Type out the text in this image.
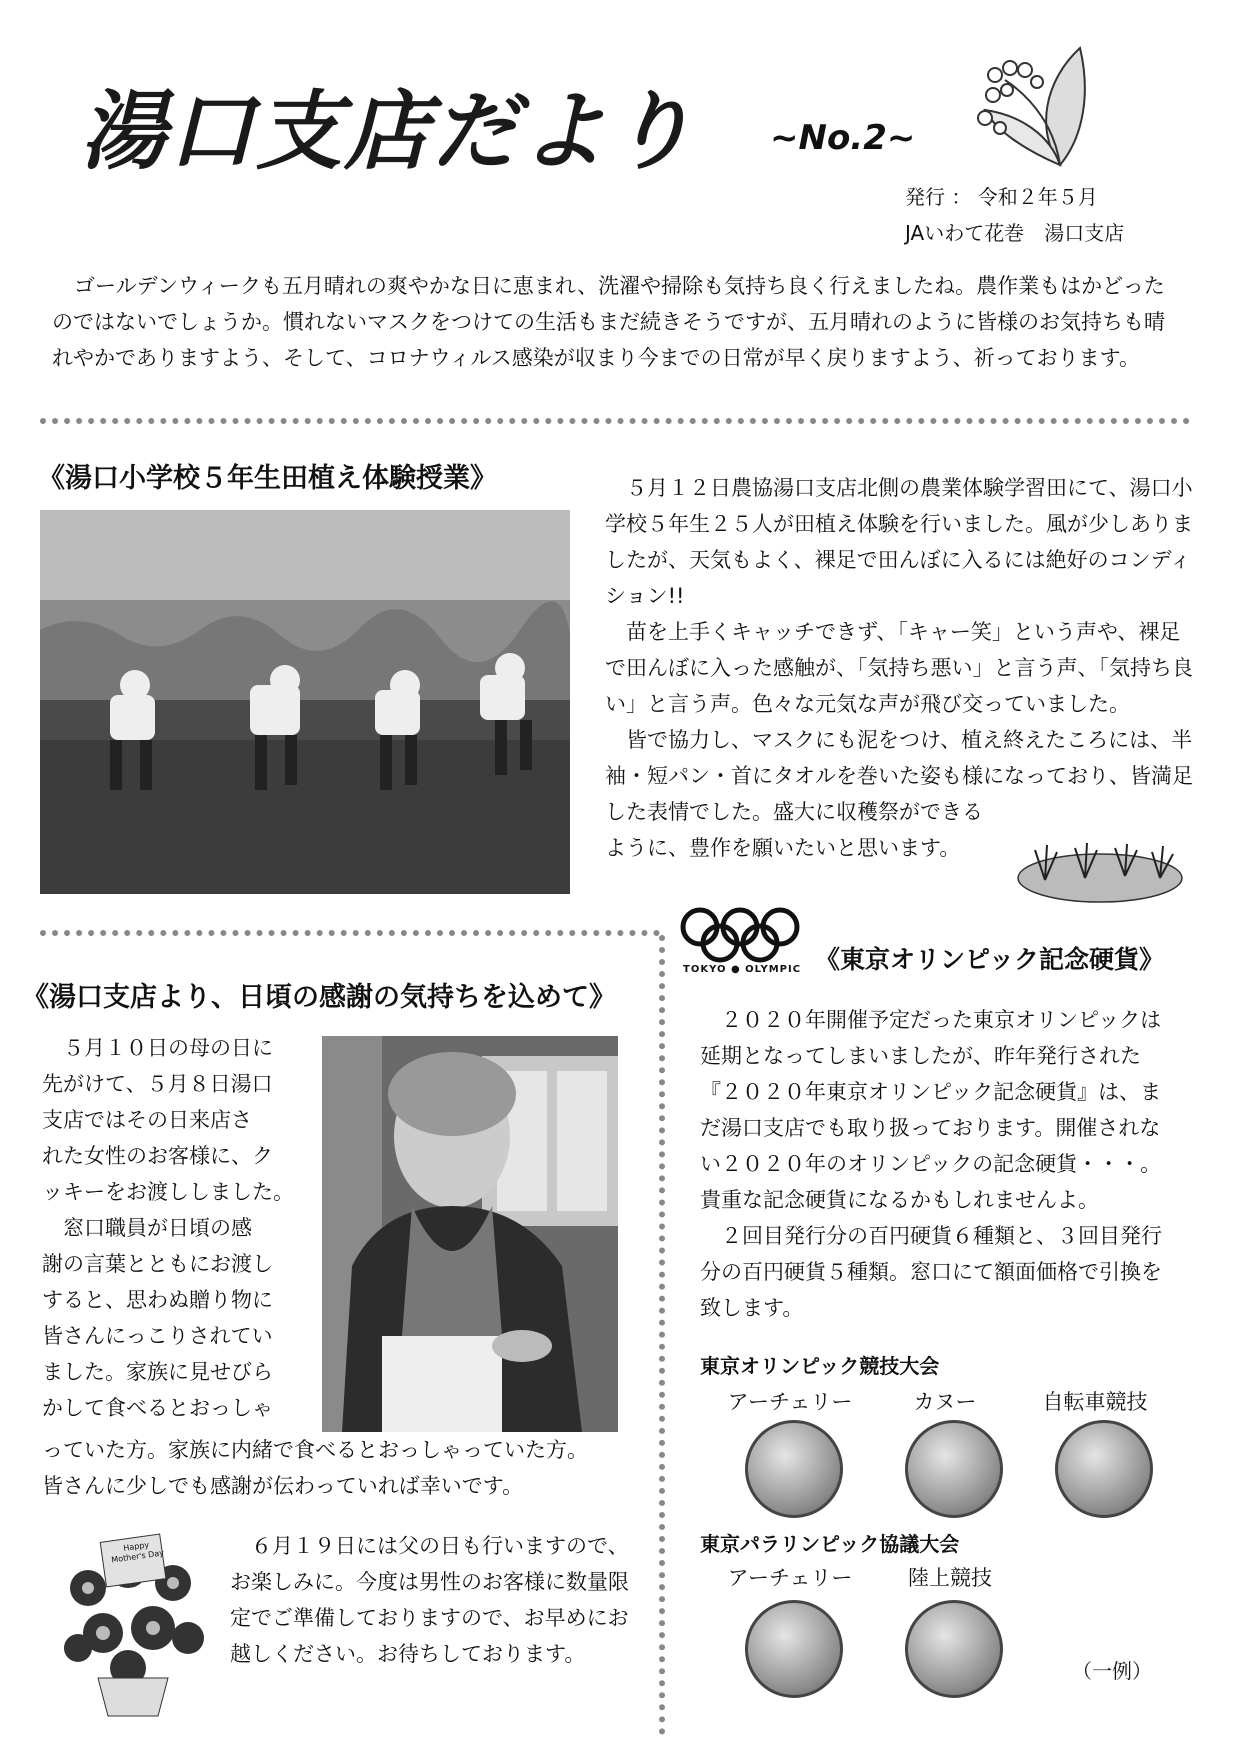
湯口支店だより ~No.2~
発行 ： 令和２年５月
JAいわて花巻　湯口支店
ゴールデンウィークも五月晴れの爽やかな日に恵まれ、洗濯や掃除も気持ち良く行えましたね。農作業もはかどったのではないでしょうか。慣れないマスクをつけての生活もまだ続きそうですが、五月晴れのように皆様のお気持ちも晴れやかでありますよう、そして、コロナウィルス感染が収まり今までの日常が早く戻りますよう、祈っております。
《湯口小学校５年生田植え体験授業》	５月１２日農協湯口支店北側の農業体験学習田にて、湯口小学校５年生２５人が田植え体験を行いました。風が少しありましたが、天気もよく、裸足で田んぼに入るには絶好のコンディション!!

苗を上手くキャッチできず、「キャー笑」という声や、裸足で田んぼに入った感触が、「気持ち悪い」と言う声、「気持ち良い」と言う声。色々な元気な声が飛び交っていました。

皆で協力し、マスクにも泥をつけ、植え終えたころには、半袖・短パン・首にタオルを巻いた姿も様になっており、皆満足した表情でした。盛大に収穫祭ができる

ように、豊作を願いたいと思います。

《湯口支店より、日頃の感謝の気持ちを込めて》
５月１０日の母の日に
先がけて、５月８日湯口
支店ではその日来店さ
れた女性のお客様に、ク
ッキーをお渡ししました。
窓口職員が日頃の感
謝の言葉とともにお渡し
すると、思わぬ贈り物に
皆さんにっこりされてい
ました。家族に見せびら
かして食べるとおっしゃ
っていた方。家族に内緒で食べるとおっしゃっていた方。
皆さんに少しでも感謝が伝わっていれば幸いです。
Happy Mother's Day	６月１９日には父の日も行いますので、お楽しみに。今度は男性のお客様に数量限定でご準備しておりますので、お早めにお越しください。お待ちしております。

TOKYO ● OLYMPIC 《東京オリンピック記念硬貨》

２０２０年開催予定だった東京オリンピックは延期となってしまいましたが、昨年発行された『２０２０年東京オリンピック記念硬貨』は、まだ湯口支店でも取り扱っております。開催されない２０２０年のオリンピックの記念硬貨・・・。貴重な記念硬貨になるかもしれませんよ。

２回目発行分の百円硬貨６種類と、３回目発行分の百円硬貨５種類。窓口にて額面価格で引換を致します。

東京オリンピック競技大会
アーチェリー	カヌー	自転車競技
東京パラリンピック協議大会
アーチェリー	陸上競技
（一例）
